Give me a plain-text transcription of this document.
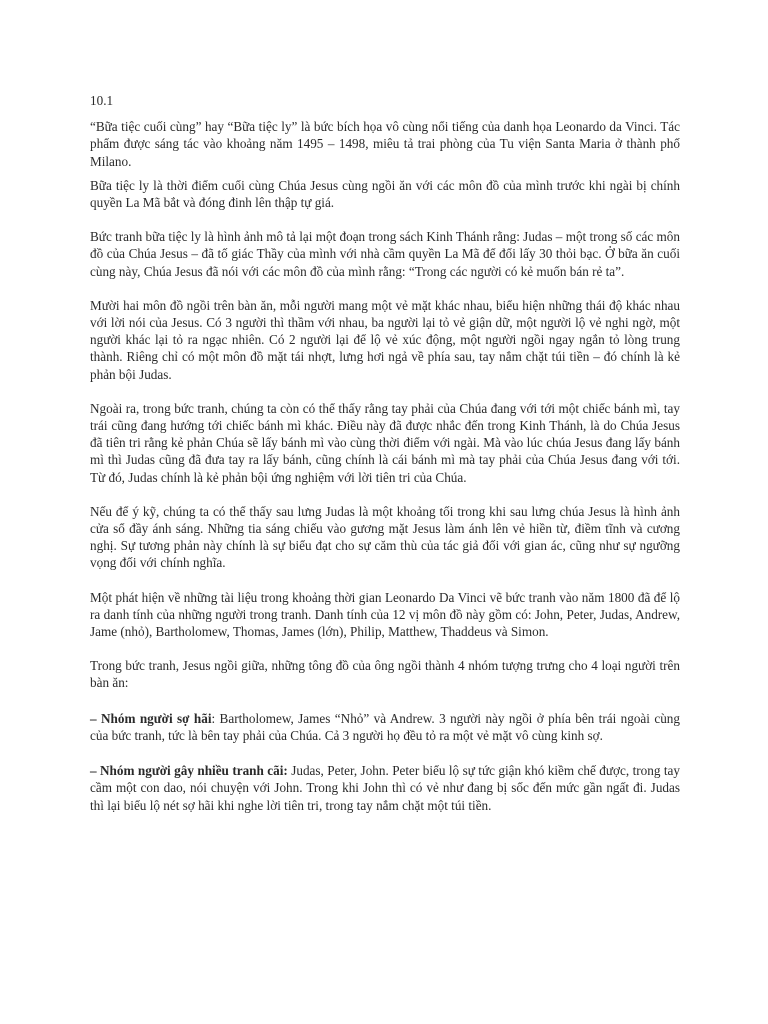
10.1

“Bữa tiệc cuối cùng” hay “Bữa tiệc ly” là bức bích họa vô cùng nổi tiếng của danh họa Leonardo da Vinci. Tác phẩm được sáng tác vào khoảng năm 1495 – 1498, miêu tả trai phòng của Tu viện Santa Maria ở thành phố Milano.

Bữa tiệc ly là thời điểm cuối cùng Chúa Jesus cùng ngồi ăn với các môn đồ của mình trước khi ngài bị chính quyền La Mã bắt và đóng đinh lên thập tự giá.

Bức tranh bữa tiệc ly là hình ảnh mô tả lại một đoạn trong sách Kinh Thánh rằng: Judas – một trong số các môn đồ của Chúa Jesus – đã tố giác Thầy của mình với nhà cầm quyền La Mã để đổi lấy 30 thỏi bạc. Ở bữa ăn cuối cùng này, Chúa Jesus đã nói với các môn đồ của mình rằng: “Trong các người có kẻ muốn bán rẻ ta”.

Mười hai môn đồ ngồi trên bàn ăn, mỗi người mang một vẻ mặt khác nhau, biểu hiện những thái độ khác nhau với lời nói của Jesus. Có 3 người thì thầm với nhau, ba người lại tỏ vẻ giận dữ, một người lộ vẻ nghi ngờ, một người khác lại tỏ ra ngạc nhiên. Có 2 người lại để lộ vẻ xúc động, một người ngồi ngay ngắn tỏ lòng trung thành. Riêng chỉ có một môn đồ mặt tái nhợt, lưng hơi ngả về phía sau, tay nắm chặt túi tiền – đó chính là kẻ phản bội Judas.

Ngoài ra, trong bức tranh, chúng ta còn có thể thấy rằng tay phải của Chúa đang với tới một chiếc bánh mì, tay trái cũng đang hướng tới chiếc bánh mì khác. Điều này đã được nhắc đến trong Kinh Thánh, là do Chúa Jesus đã tiên tri rằng kẻ phản Chúa sẽ lấy bánh mì vào cùng thời điểm với ngài. Mà vào lúc chúa Jesus đang lấy bánh mì thì Judas cũng đã đưa tay ra lấy bánh, cũng chính là cái bánh mì mà tay phải của Chúa Jesus đang với tới. Từ đó, Judas chính là kẻ phản bội ứng nghiệm với lời tiên tri của Chúa.

Nếu để ý kỹ, chúng ta có thể thấy sau lưng Judas là một khoảng tối trong khi sau lưng chúa Jesus là hình ảnh cửa sổ đầy ánh sáng. Những tia sáng chiếu vào gương mặt Jesus làm ánh lên vẻ hiền từ, điềm tĩnh và cương nghị. Sự tương phản này chính là sự biểu đạt cho sự căm thù của tác giả đối với gian ác, cũng như sự ngưỡng vọng đối với chính nghĩa.

Một phát hiện về những tài liệu trong khoảng thời gian Leonardo Da Vinci vẽ bức tranh vào năm 1800 đã để lộ ra danh tính của những người trong tranh. Danh tính của 12 vị môn đồ này gồm có: John, Peter, Judas, Andrew, Jame (nhỏ), Bartholomew, Thomas, James (lớn), Philip, Matthew, Thaddeus và Simon.

Trong bức tranh, Jesus ngồi giữa, những tông đồ của ông ngồi thành 4 nhóm tượng trưng cho 4 loại người trên bàn ăn:

– Nhóm người sợ hãi: Bartholomew, James “Nhỏ” và Andrew. 3 người này ngồi ở phía bên trái ngoài cùng của bức tranh, tức là bên tay phải của Chúa. Cả 3 người họ đều tỏ ra một vẻ mặt vô cùng kinh sợ.

– Nhóm người gây nhiều tranh cãi: Judas, Peter, John. Peter biểu lộ sự tức giận khó kiềm chế được, trong tay cầm một con dao, nói chuyện với John. Trong khi John thì có vẻ như đang bị sốc đến mức gần ngất đi. Judas thì lại biểu lộ nét sợ hãi khi nghe lời tiên tri, trong tay nắm chặt một túi tiền.
